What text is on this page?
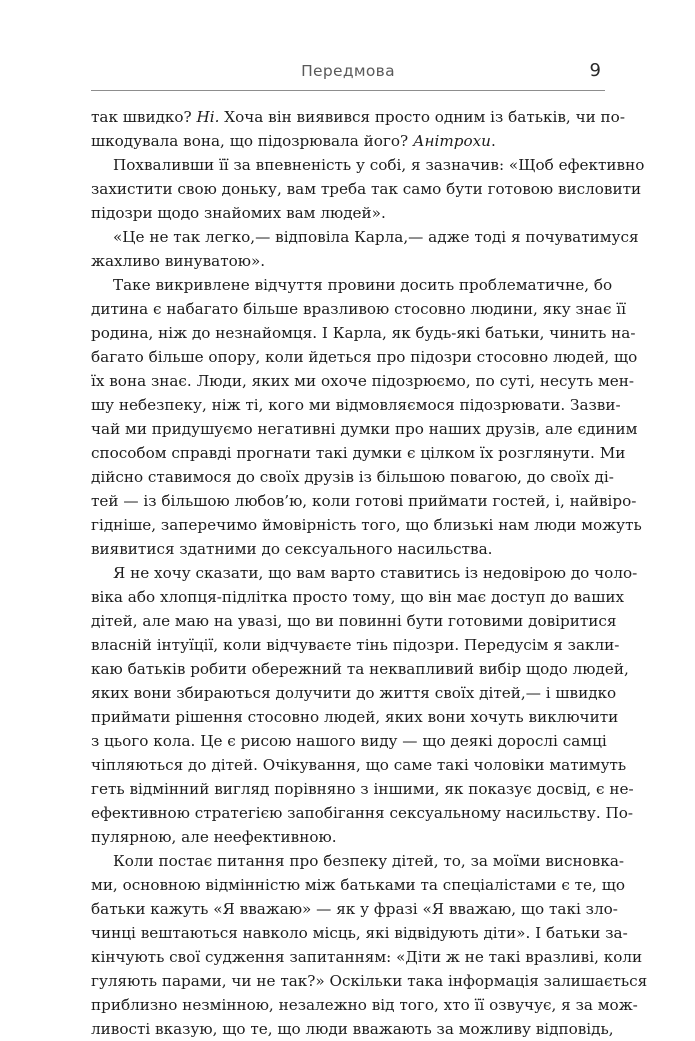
Передмова	9
так швидко? Ні. Хоча він виявився просто одним із батьків, чи по-
шкодувала вона, що підозрювала його? Анітрохи.
Похваливши її за впевненість у собі, я зазначив: «Щоб ефективно
захистити свою доньку, вам треба так само бути готовою висловити
підозри щодо знайомих вам людей».
«Це не так легко,— відповіла Карла,— адже тоді я почуватимуся
жахливо винуватою».
Таке викривлене відчуття провини досить проблематичне, бо
дитина є набагато більше вразливою стосовно людини, яку знає її
родина, ніж до незнайомця. І Карла, як будь-які батьки, чинить на-
багато більше опору, коли йдеться про підозри стосовно людей, що
їх вона знає. Люди, яких ми охоче підозрюємо, по суті, несуть мен-
шу небезпеку, ніж ті, кого ми відмовляємося підозрювати. Зазви-
чай ми придушуємо негативні думки про наших друзів, але єдиним
способом справді прогнати такі думки є цілком їх розглянути. Ми
дійсно ставимося до своїх друзів із більшою повагою, до своїх ді-
тей — із більшою любов’ю, коли готові приймати гостей, і, найвіро-
гідніше, заперечимо ймовірність того, що близькі нам люди можуть
виявитися здатними до сексуального насильства.
Я не хочу сказати, що вам варто ставитись із недовірою до чоло-
віка або хлопця-підлітка просто тому, що він має доступ до ваших
дітей, але маю на увазі, що ви повинні бути готовими довіритися
власній інтуїції, коли відчуваєте тінь підозри. Передусім я закли-
каю батьків робити обережний та неквапливий вибір щодо людей,
яких вони збираються долучити до життя своїх дітей,— і швидко
приймати рішення стосовно людей, яких вони хочуть виключити
з цього кола. Це є рисою нашого виду — що деякі дорослі самці
чіпляються до дітей. Очікування, що саме такі чоловіки матимуть
геть відмінний вигляд порівняно з іншими, як показує досвід, є не-
ефективною стратегією запобігання сексуальному насильству. По-
пулярною, але неефективною.
Коли постає питання про безпеку дітей, то, за моїми висновка-
ми, основною відмінністю між батьками та спеціалістами є те, що
батьки кажуть «Я вважаю» — як у фразі «Я вважаю, що такі зло-
чинці вештаються навколо місць, які відвідують діти». І батьки за-
кінчують свої судження запитанням: «Діти ж не такі вразливі, коли
гуляють парами, чи не так?» Оскільки така інформація залишається
приблизно незмінною, незалежно від того, хто її озвучує, я за мож-
ливості вказую, що те, що люди вважають за можливу відповідь,
